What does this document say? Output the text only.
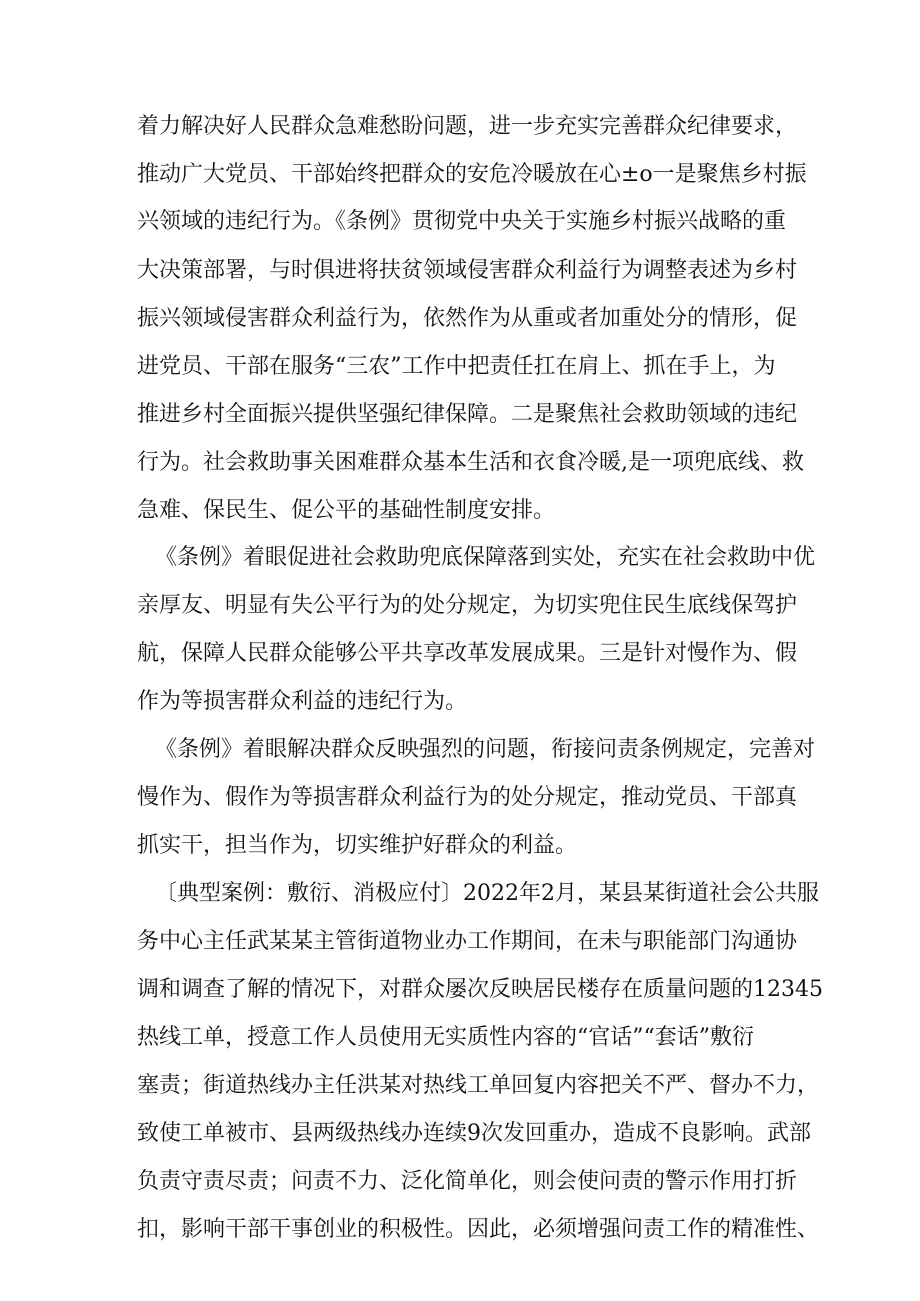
着力解决好人民群众急难愁盼问题，进一步充实完善群众纪律要求，
推动广大党员、干部始终把群众的安危冷暖放在心±o一是聚焦乡村振
兴领域的违纪行为。《条例》贯彻党中央关于实施乡村振兴战略的重
大决策部署，与时俱进将扶贫领域侵害群众利益行为调整表述为乡村
振兴领域侵害群众利益行为，依然作为从重或者加重处分的情形，促
进党员、干部在服务“三农”工作中把责任扛在肩上、抓在手上，为
推进乡村全面振兴提供坚强纪律保障。二是聚焦社会救助领域的违纪
行为。社会救助事关困难群众基本生活和衣食冷暖,是一项兜底线、救
急难、保民生、促公平的基础性制度安排。
《条例》着眼促进社会救助兜底保障落到实处，充实在社会救助中优
亲厚友、明显有失公平行为的处分规定，为切实兜住民生底线保驾护
航，保障人民群众能够公平共享改革发展成果。三是针对慢作为、假
作为等损害群众利益的违纪行为。
《条例》着眼解决群众反映强烈的问题，衔接问责条例规定，完善对
慢作为、假作为等损害群众利益行为的处分规定，推动党员、干部真
抓实干，担当作为，切实维护好群众的利益。
〔典型案例：敷衍、消极应付〕2022年2月，某县某街道社会公共服
务中心主任武某某主管街道物业办工作期间，在未与职能部门沟通协
调和调查了解的情况下，对群众屡次反映居民楼存在质量问题的12345
热线工单，授意工作人员使用无实质性内容的“官话”“套话”敷衍
塞责；街道热线办主任洪某对热线工单回复内容把关不严、督办不力，
致使工单被市、县两级热线办连续9次发回重办，造成不良影响。武部
负责守责尽责；问责不力、泛化简单化，则会使问责的警示作用打折
扣，影响干部干事创业的积极性。因此，必须增强问责工作的精准性、
